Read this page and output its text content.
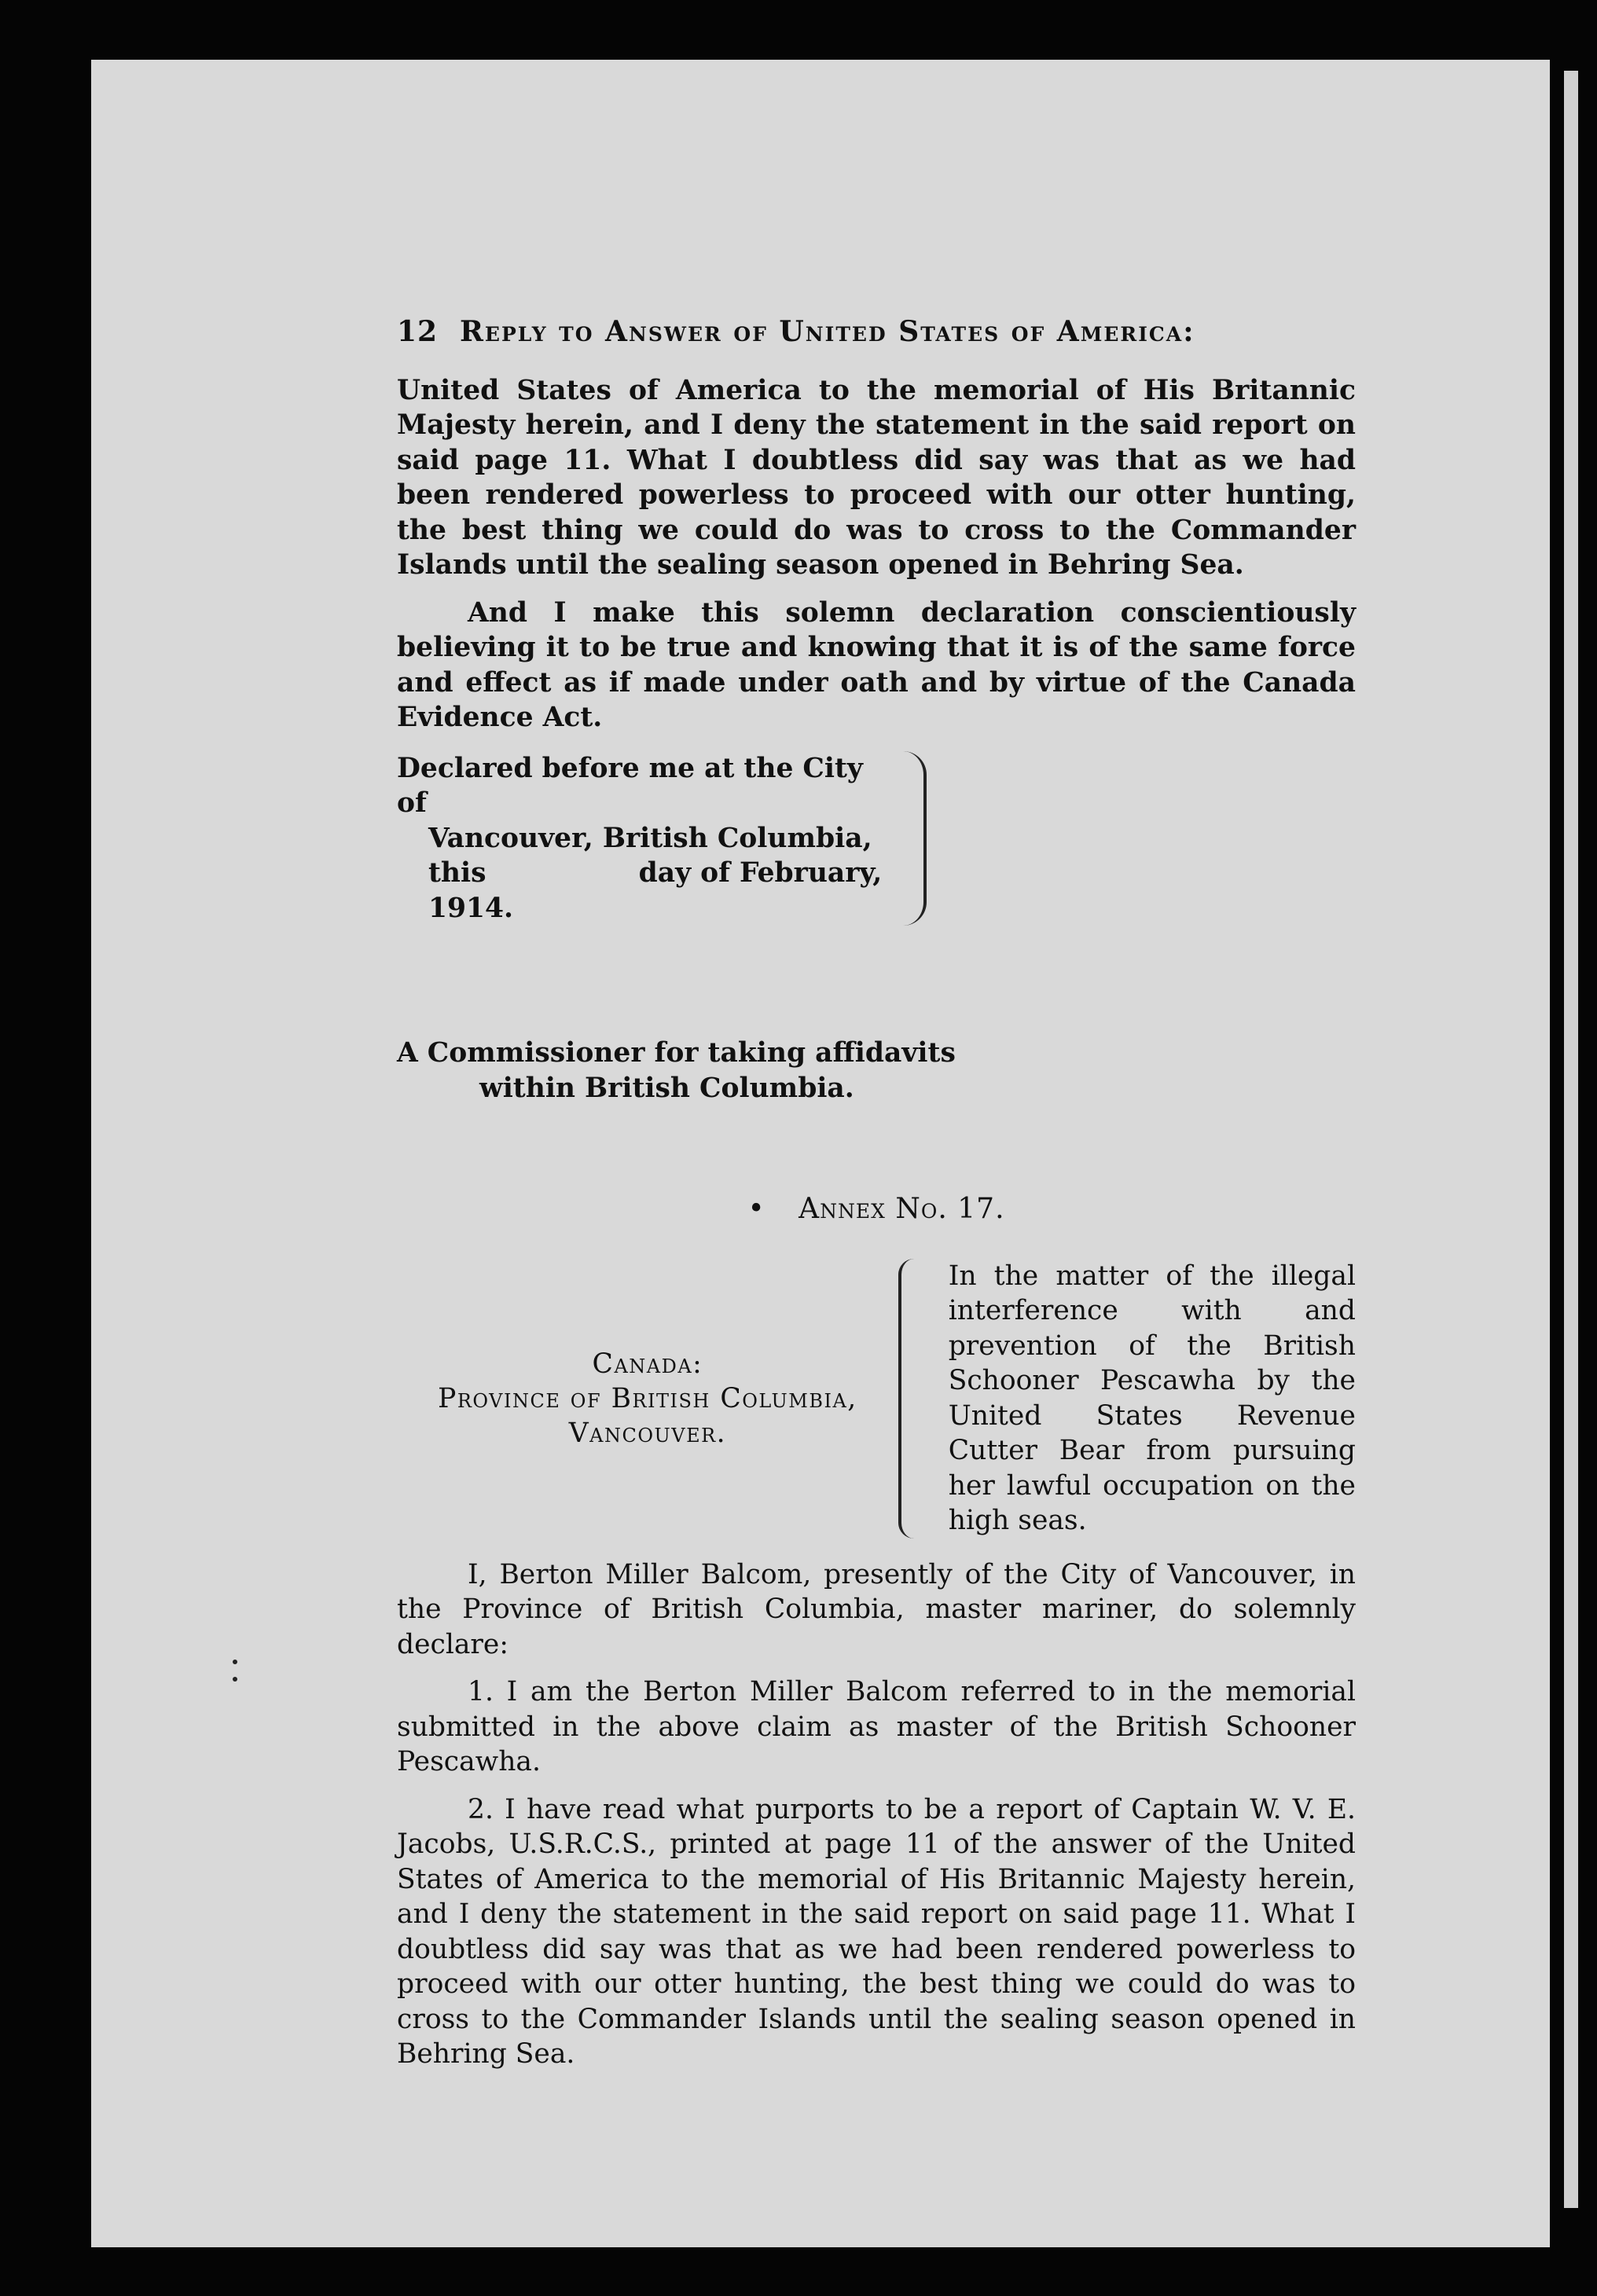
12 Reply to Answer of United States of America:

United States of America to the memorial of His Britannic Majesty herein, and I deny the statement in the said report on said page 11. What I doubtless did say was that as we had been rendered powerless to proceed with our otter hunting, the best thing we could do was to cross to the Commander Islands until the sealing season opened in Behring Sea.

And I make this solemn declaration conscientiously believing it to be true and knowing that it is of the same force and effect as if made under oath and by virtue of the Canada Evidence Act.

Declared before me at the City of
Vancouver, British Columbia,
this	day of February,
1914.
A Commissioner for taking affidavits
within British Columbia.
• Annex No. 17.
Canada:
Province of British Columbia,
Vancouver.
In the matter of the illegal interference with and prevention of the British Schooner Pescawha by the United States Revenue Cutter Bear from pursuing her lawful occupation on the high seas.

I, Berton Miller Balcom, presently of the City of Vancouver, in the Province of British Columbia, master mariner, do solemnly declare:

1. I am the Berton Miller Balcom referred to in the memorial submitted in the above claim as master of the British Schooner Pescawha.

2. I have read what purports to be a report of Captain W. V. E. Jacobs, U.S.R.C.S., printed at page 11 of the answer of the United States of America to the memorial of His Britannic Majesty herein, and I deny the statement in the said report on said page 11. What I doubtless did say was that as we had been rendered powerless to proceed with our otter hunting, the best thing we could do was to cross to the Commander Islands until the sealing season opened in Behring Sea.
